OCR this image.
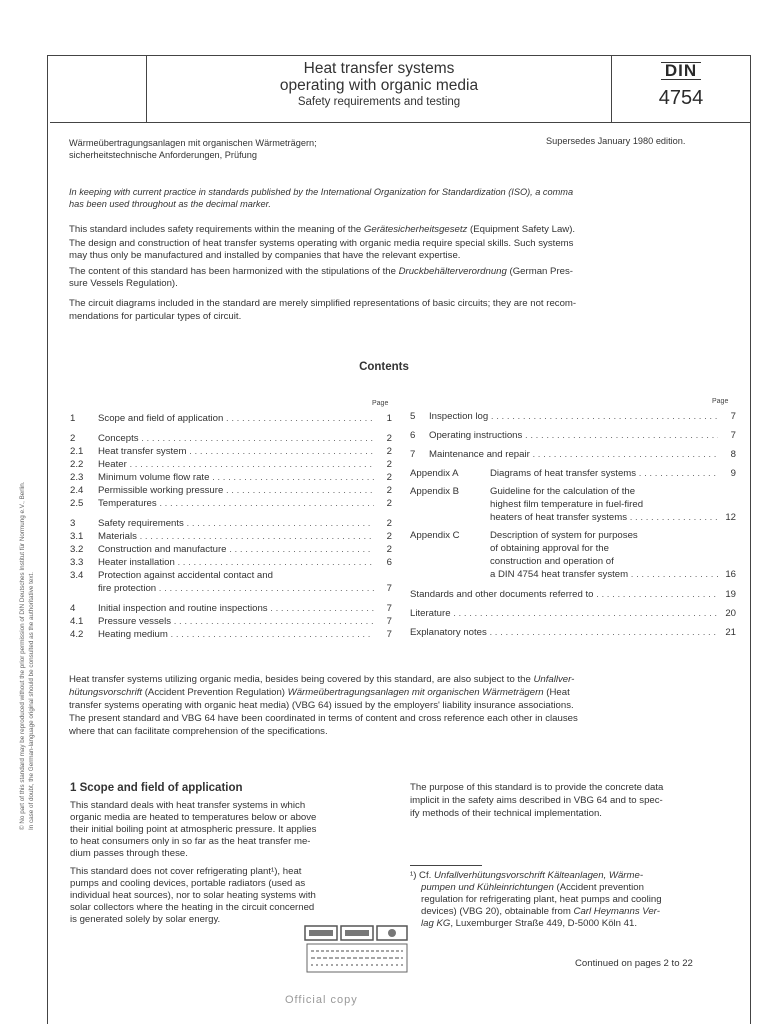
Heat transfer systems
operating with organic media
Safety requirements and testing
DIN
4754
Wärmeübertragungsanlagen mit organischen Wärmeträgern;
sicherheitstechnische Anforderungen, Prüfung
Supersedes January 1980 edition.
In keeping with current practice in standards published by the International Organization for Standardization (ISO), a comma
has been used throughout as the decimal marker.
This standard includes safety requirements within the meaning of the Gerätesicherheitsgesetz (Equipment Safety Law).
The design and construction of heat transfer systems operating with organic media require special skills. Such systems
may thus only be manufactured and installed by companies that have the relevant expertise.
The content of this standard has been harmonized with the stipulations of the Druckbehälterverordnung (German Pres-
sure Vessels Regulation).
The circuit diagrams included in the standard are merely simplified representations of basic circuits; they are not recom-
mendations for particular types of circuit.
Contents
Page	Page
1	Scope and field of application . . .	1
2	Concepts . . .	2
2.1	Heat transfer system . . .	2
2.2	Heater . . .	2
2.3	Minimum volume flow rate . . .	2
2.4	Permissible working pressure . . .	2
2.5	Temperatures . . .	2
3	Safety requirements . . .	2
3.1	Materials . . .	2
3.2	Construction and manufacture . . .	2
3.3	Heater installation . . .	6
3.4	Protection against accidental contact and
fire protection . . .	7
4	Initial inspection and routine inspections . . .	7
4.1	Pressure vessels . . .	7
4.2	Heating medium . . .	7
5	Inspection log . . .	7
6	Operating instructions . . .	7
7	Maintenance and repair . . .	8
Appendix A	Diagrams of heat transfer systems . . .	9
Appendix B	Guideline for the calculation of the
highest film temperature in fuel-fired
heaters of heat transfer systems . . .	12
Appendix C	Description of system for purposes
of obtaining approval for the
construction and operation of
a DIN 4754 heat transfer system . . .	16
Standards and other documents referred to . . .	19
Literature . . .	20
Explanatory notes . . .	21
Heat transfer systems utilizing organic media, besides being covered by this standard, are also subject to the Unfallver-
hütungsvorschrift (Accident Prevention Regulation) Wärmeübertragungsanlagen mit organischen Wärmeträgern (Heat
transfer systems operating with organic heat media) (VBG 64) issued by the employers' liability insurance associations.
The present standard and VBG 64 have been coordinated in terms of content and cross reference each other in clauses
where that can facilitate comprehension of the specifications.
1 Scope and field of application
This standard deals with heat transfer systems in which
organic media are heated to temperatures below or above
their initial boiling point at atmospheric pressure. It applies
to heat consumers only in so far as the heat transfer me-
dium passes through these.
This standard does not cover refrigerating plant¹), heat
pumps and cooling devices, portable radiators (used as
individual heat sources), nor to solar heating systems with
solar collectors where the heating in the circuit concerned
is generated solely by solar energy.
The purpose of this standard is to provide the concrete data
implicit in the safety aims described in VBG 64 and to spec-
ify methods of their technical implementation.
¹) Cf. Unfallverhütungsvorschrift Kälteanlagen, Wärme-
pumpen und Kühleinrichtungen (Accident prevention
regulation for refrigerating plant, heat pumps and cooling
devices) (VBG 20), obtainable from Carl Heymanns Ver-
lag KG, Luxemburger Straße 449, D-5000 Köln 41.
Continued on pages 2 to 22
Official copy
© No part of this standard may be reproduced without the prior permission of DIN Deutsches Institut für Normung e.V., Berlin. In case of doubt, the German-language original should be consulted as the authoritative text.
